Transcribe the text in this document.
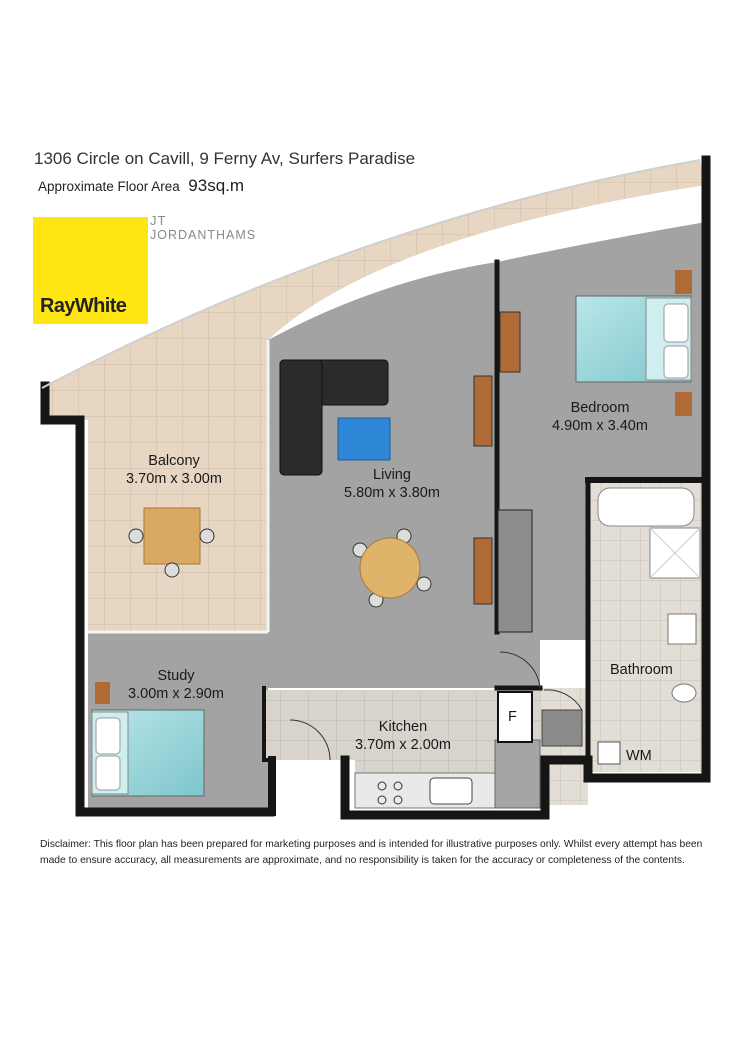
1306 Circle on Cavill, 9 Ferny Av, Surfers Paradise
Approximate Floor Area 93sq.m
RayWhite
JT
JORDANTHAMS
Balcony
3.70m x 3.00m	Living
5.80m x 3.80m
Bedroom
4.90m x 3.40m
Study
3.00m x 2.90m
Kitchen
3.70m x 2.00m
Bathroom
F
WM
Disclaimer: This floor plan has been prepared for marketing purposes and is intended for illustrative purposes only. Whilst every attempt has been made to ensure accuracy, all measurements are approximate, and no responsibility is taken for the accuracy or completeness of the contents.
